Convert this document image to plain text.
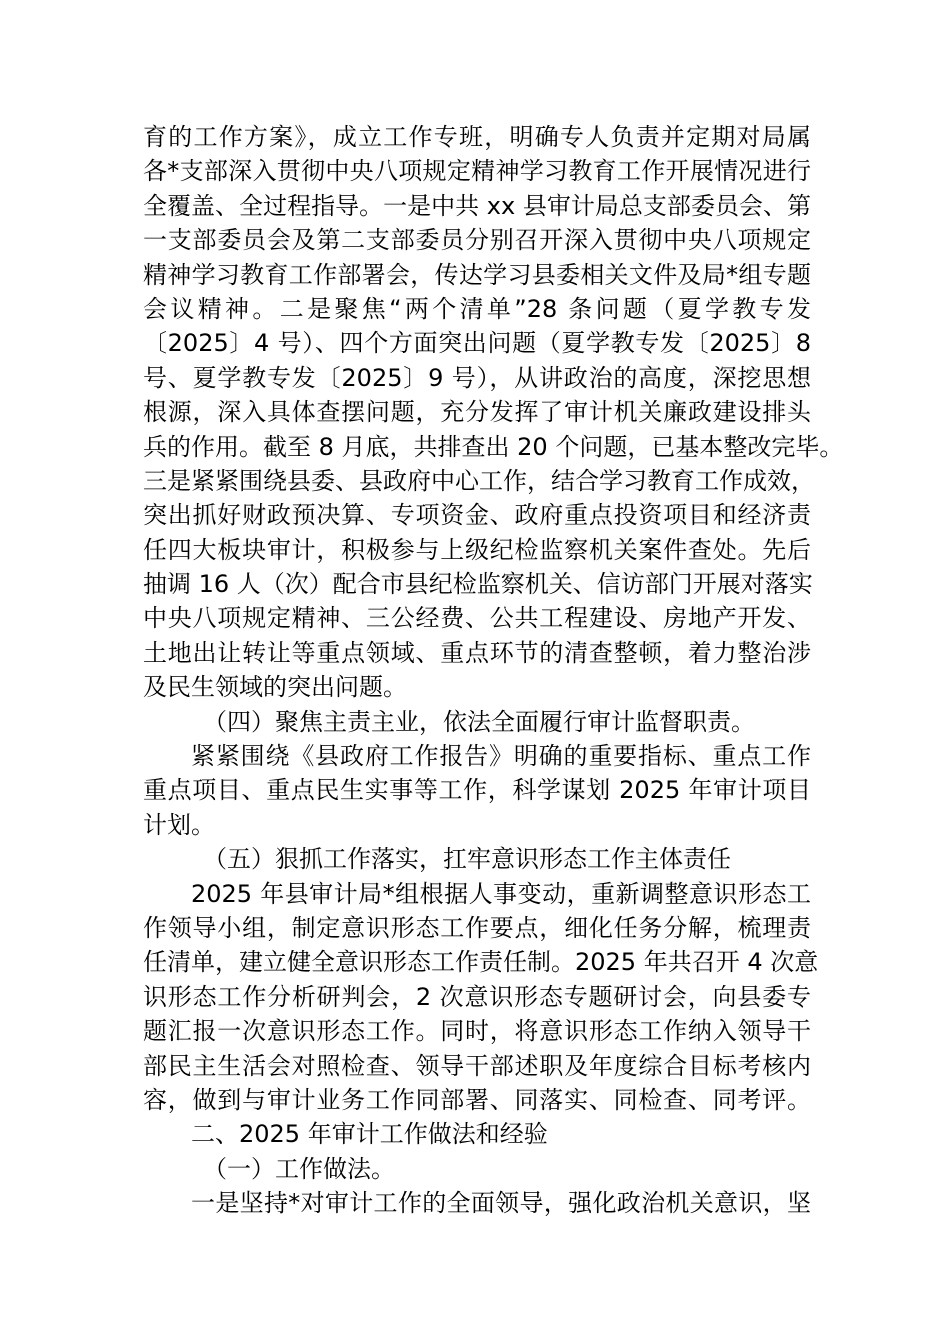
育的工作方案》，成立工作专班，明确专人负责并定期对局属
各*支部深入贯彻中央八项规定精神学习教育工作开展情况进行
全覆盖、全过程指导。一是中共 xx 县审计局总支部委员会、第
一支部委员会及第二支部委员分别召开深入贯彻中央八项规定
精神学习教育工作部署会，传达学习县委相关文件及局*组专题
会议精神。二是聚焦“两个清单”28 条问题（夏学教专发
〔2025〕4 号）、四个方面突出问题（夏学教专发〔2025〕8
号、夏学教专发〔2025〕9 号），从讲政治的高度，深挖思想
根源，深入具体查摆问题，充分发挥了审计机关廉政建设排头
兵的作用。截至 8 月底，共排查出 20 个问题，已基本整改完毕。
三是紧紧围绕县委、县政府中心工作，结合学习教育工作成效，
突出抓好财政预决算、专项资金、政府重点投资项目和经济责
任四大板块审计，积极参与上级纪检监察机关案件查处。先后
抽调 16 人（次）配合市县纪检监察机关、信访部门开展对落实
中央八项规定精神、三公经费、公共工程建设、房地产开发、
土地出让转让等重点领域、重点环节的清查整顿，着力整治涉
及民生领域的突出问题。
（四）聚焦主责主业，依法全面履行审计监督职责。
紧紧围绕《县政府工作报告》明确的重要指标、重点工作
重点项目、重点民生实事等工作，科学谋划 2025 年审计项目
计划。
（五）狠抓工作落实，扛牢意识形态工作主体责任
2025 年县审计局*组根据人事变动，重新调整意识形态工
作领导小组，制定意识形态工作要点，细化任务分解，梳理责
任清单，建立健全意识形态工作责任制。2025 年共召开 4 次意
识形态工作分析研判会，2 次意识形态专题研讨会，向县委专
题汇报一次意识形态工作。同时，将意识形态工作纳入领导干
部民主生活会对照检查、领导干部述职及年度综合目标考核内
容，做到与审计业务工作同部署、同落实、同检查、同考评。
二、2025 年审计工作做法和经验
（一）工作做法。
一是坚持*对审计工作的全面领导，强化政治机关意识，坚
